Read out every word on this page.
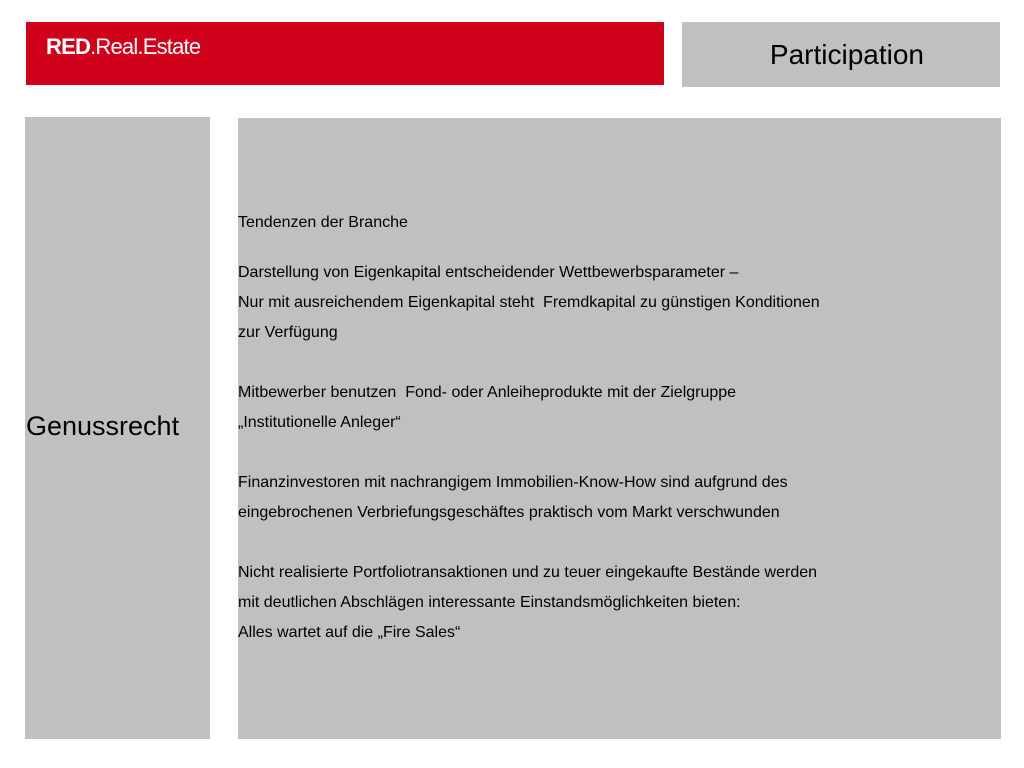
RED.Real.Estate	Participation
Genussrecht
Tendenzen der Branche
Darstellung von Eigenkapital entscheidender Wettbewerbsparameter –
Nur mit ausreichendem Eigenkapital steht  Fremdkapital zu günstigen Konditionen
zur Verfügung
Mitbewerber benutzen  Fond- oder Anleiheprodukte mit der Zielgruppe
„Institutionelle Anleger“
Finanzinvestoren mit nachrangigem Immobilien-Know-How sind aufgrund des
eingebrochenen Verbriefungsgeschäftes praktisch vom Markt verschwunden
Nicht realisierte Portfoliotransaktionen und zu teuer eingekaufte Bestände werden
mit deutlichen Abschlägen interessante Einstandsmöglichkeiten bieten:
Alles wartet auf die „Fire Sales“
